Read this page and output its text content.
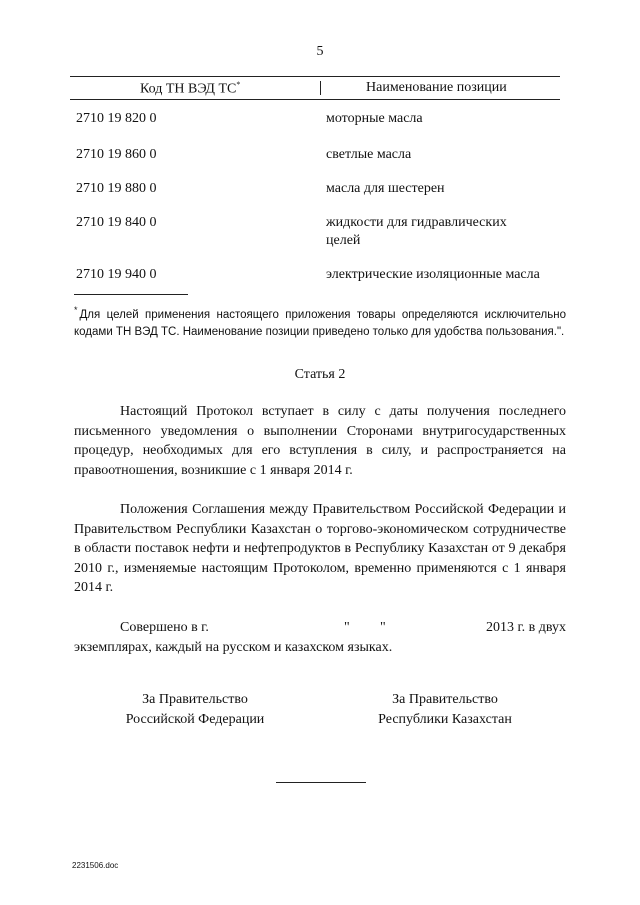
5
Код ТН ВЭД ТС*	Наименование позиции
2710 19 820 0	моторные масла
2710 19 860 0	светлые масла
2710 19 880 0	масла для шестерен
2710 19 840 0	жидкости для гидравлических целей
2710 19 940 0	электрические изоляционные масла
* Для целей применения настоящего приложения товары определяются исключительно кодами ТН ВЭД ТС. Наименование позиции приведено только для удобства пользования.".
Статья 2
Настоящий Протокол вступает в силу с даты получения последнего письменного уведомления о выполнении Сторонами внутригосударственных процедур, необходимых для его вступления в силу, и распространяется на правоотношения, возникшие с 1 января 2014 г.
Положения Соглашения между Правительством Российской Федерации и Правительством Республики Казахстан о торгово-экономическом сотрудничестве в области поставок нефти и нефтепродуктов в Республику Казахстан от 9 декабря 2010 г., изменяемые настоящим Протоколом, временно применяются с 1 января 2014 г.
Совершено в г.	" "	2013 г. в двух
экземплярах, каждый на русском и казахском языках.
За Правительство
Российской Федерации
За Правительство
Республики Казахстан
2231506.doc
